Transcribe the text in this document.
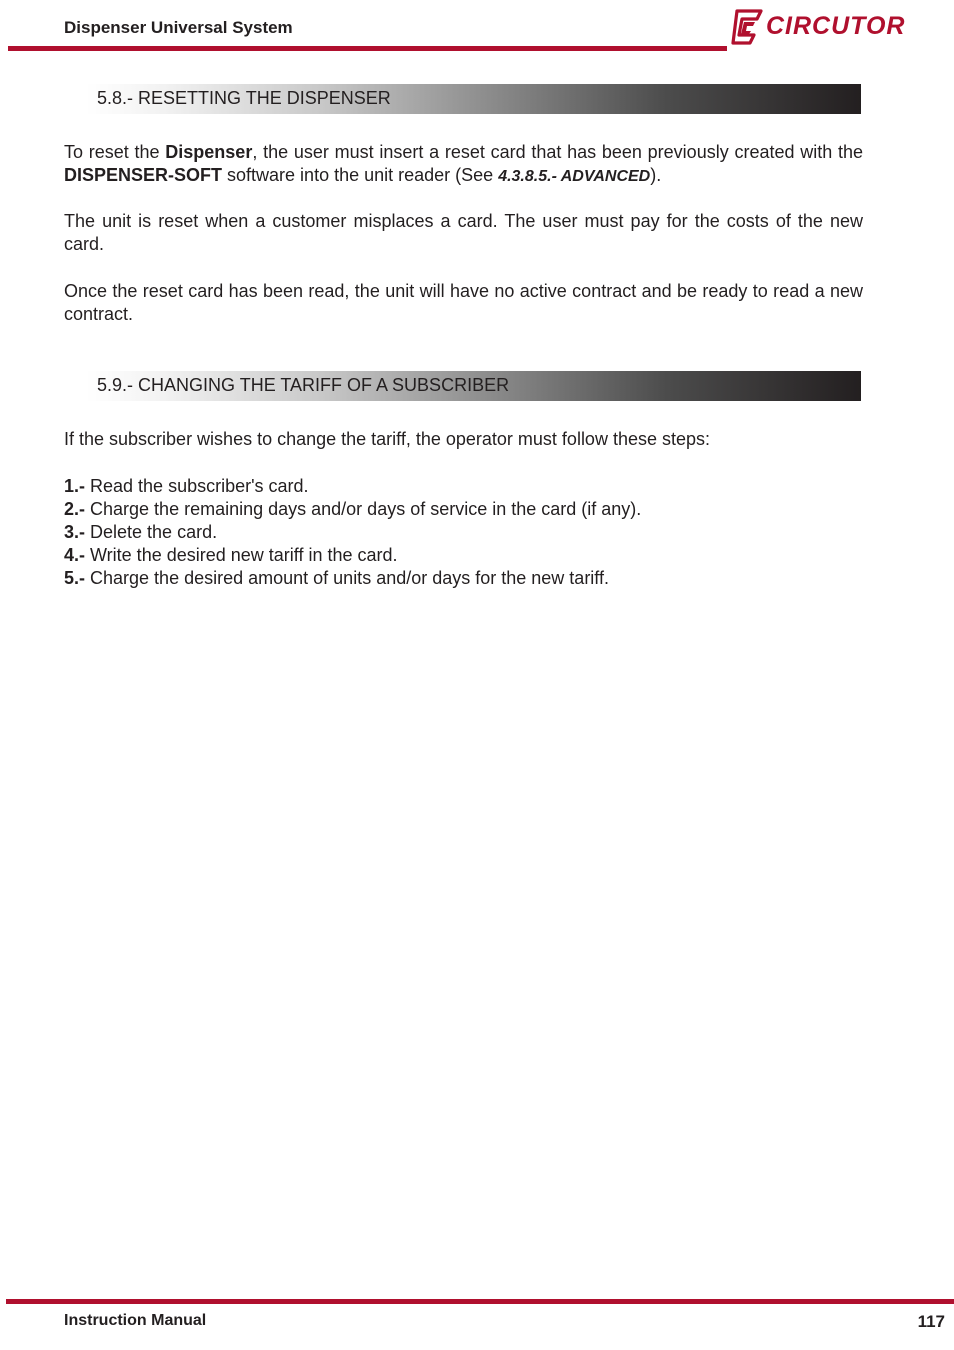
Dispenser Universal System	CIRCUTOR
5.8.- RESETTING THE DISPENSER

To reset the Dispenser, the user must insert a reset card that has been previously created with the DISPENSER-SOFT software into the unit reader (See 4.3.8.5.- ADVANCED).

The unit is reset when a customer misplaces a card. The user must pay for the costs of the new card.

Once the reset card has been read, the unit will have no active contract and be ready to read a new contract.

5.9.- CHANGING THE TARIFF OF A SUBSCRIBER

If the subscriber wishes to change the tariff, the operator must follow these steps:

1.- Read the subscriber's card.
2.- Charge the remaining days and/or days of service in the card (if any).
3.- Delete the card.
4.- Write the desired new tariff in the card.
5.- Charge the desired amount of units and/or days for the new tariff.
Instruction Manual	117
